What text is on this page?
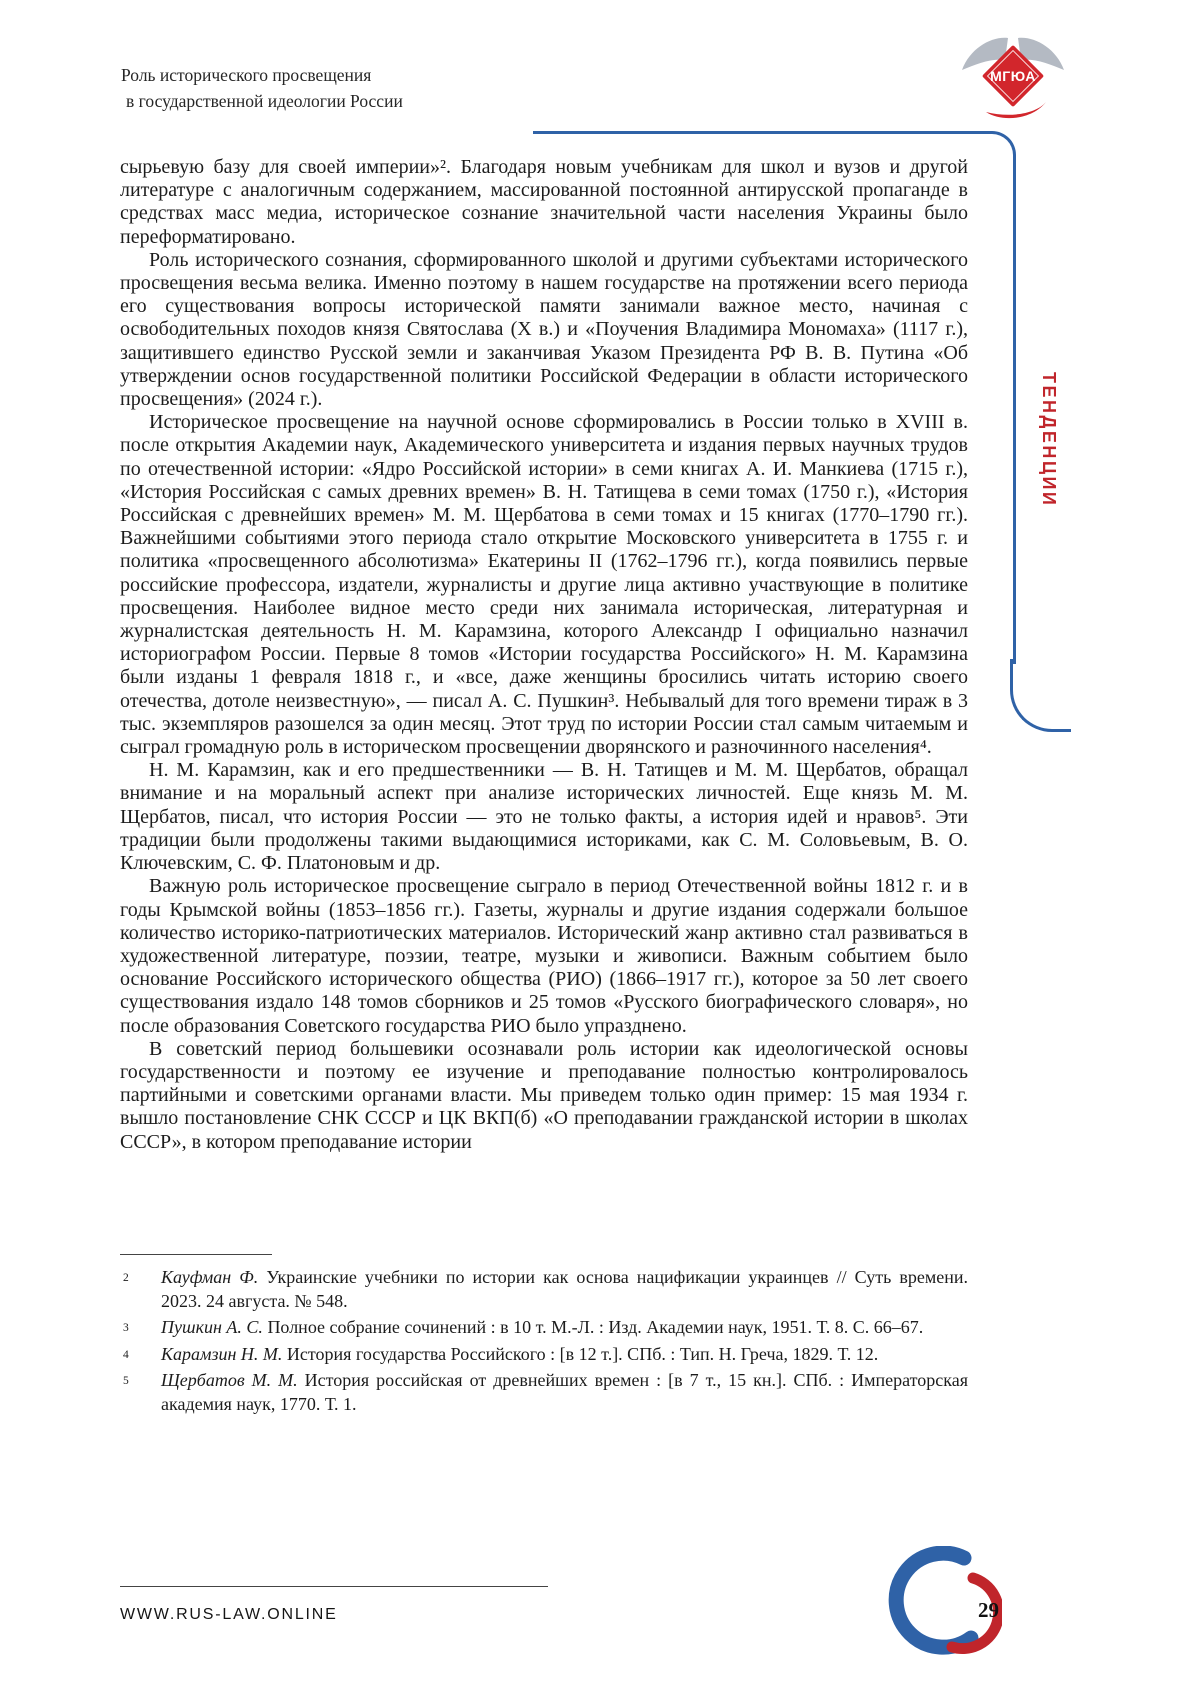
Роль исторического просвещения
в государственной идеологии России
МГЮА
ТЕНДЕНЦИИ

сырьевую базу для своей империи»². Благодаря новым учебникам для школ и вузов и другой литературе с аналогичным содержанием, массированной постоянной антирусской пропаганде в средствах масс медиа, историческое сознание значительной части населения Украины было переформатировано.

Роль исторического сознания, сформированного школой и другими субъектами исторического просвещения весьма велика. Именно поэтому в нашем государстве на протяжении всего периода его существования вопросы исторической памяти занимали важное место, начиная с освободительных походов князя Святослава (X в.) и «Поучения Владимира Мономаха» (1117 г.), защитившего единство Русской земли и заканчивая Указом Президента РФ В. В. Путина «Об утверждении основ государственной политики Российской Федерации в области исторического просвещения» (2024 г.).

Историческое просвещение на научной основе сформировались в России только в XVIII в. после открытия Академии наук, Академического университета и издания первых научных трудов по отечественной истории: «Ядро Российской истории» в семи книгах А. И. Манкиева (1715 г.), «История Российская с самых древних времен» В. Н. Татищева в семи томах (1750 г.), «История Российская с древнейших времен» М. М. Щербатова в семи томах и 15 книгах (1770–1790 гг.). Важнейшими событиями этого периода стало открытие Московского университета в 1755 г. и политика «просвещенного абсолютизма» Екатерины II (1762–1796 гг.), когда появились первые российские профессора, издатели, журналисты и другие лица активно участвующие в политике просвещения. Наиболее видное место среди них занимала историческая, литературная и журналистская деятельность Н. М. Карамзина, которого Александр I официально назначил историографом России. Первые 8 томов «Истории государства Российского» Н. М. Карамзина были изданы 1 февраля 1818 г., и «все, даже женщины бросились читать историю своего отечества, дотоле неизвестную», — писал А. С. Пушкин³. Небывалый для того времени тираж в 3 тыс. экземпляров разошелся за один месяц. Этот труд по истории России стал самым читаемым и сыграл громадную роль в историческом просвещении дворянского и разночинного населения⁴.

Н. М. Карамзин, как и его предшественники — В. Н. Татищев и М. М. Щербатов, обращал внимание и на моральный аспект при анализе исторических личностей. Еще князь М. М. Щербатов, писал, что история России — это не только факты, а история идей и нравов⁵. Эти традиции были продолжены такими выдающимися историками, как С. М. Соловьевым, В. О. Ключевским, С. Ф. Платоновым и др.

Важную роль историческое просвещение сыграло в период Отечественной войны 1812 г. и в годы Крымской войны (1853–1856 гг.). Газеты, журналы и другие издания содержали большое количество историко-патриотических материалов. Исторический жанр активно стал развиваться в художественной литературе, поэзии, театре, музыки и живописи. Важным событием было основание Российского исторического общества (РИО) (1866–1917 гг.), которое за 50 лет своего существования издало 148 томов сборников и 25 томов «Русского биографического словаря», но после образования Советского государства РИО было упразднено.

В советский период большевики осознавали роль истории как идеологической основы государственности и поэтому ее изучение и преподавание полностью контролировалось партийными и советскими органами власти. Мы приведем только один пример: 15 мая 1934 г. вышло постановление СНК СССР и ЦК ВКП(б) «О преподавании гражданской истории в школах СССР», в котором преподавание истории

2 Кауфман Ф. Украинские учебники по истории как основа нацификации украинцев // Суть времени. 2023. 24 августа. № 548.
3 Пушкин А. С. Полное собрание сочинений : в 10 т. М.-Л. : Изд. Академии наук, 1951. Т. 8. С. 66–67.
4 Карамзин Н. М. История государства Российского : [в 12 т.]. СПб. : Тип. Н. Греча, 1829. Т. 12.
5 Щербатов М. М. История российская от древнейших времен : [в 7 т., 15 кн.]. СПб. : Императорская академия наук, 1770. Т. 1.
WWW.RUS-LAW.ONLINE	29
